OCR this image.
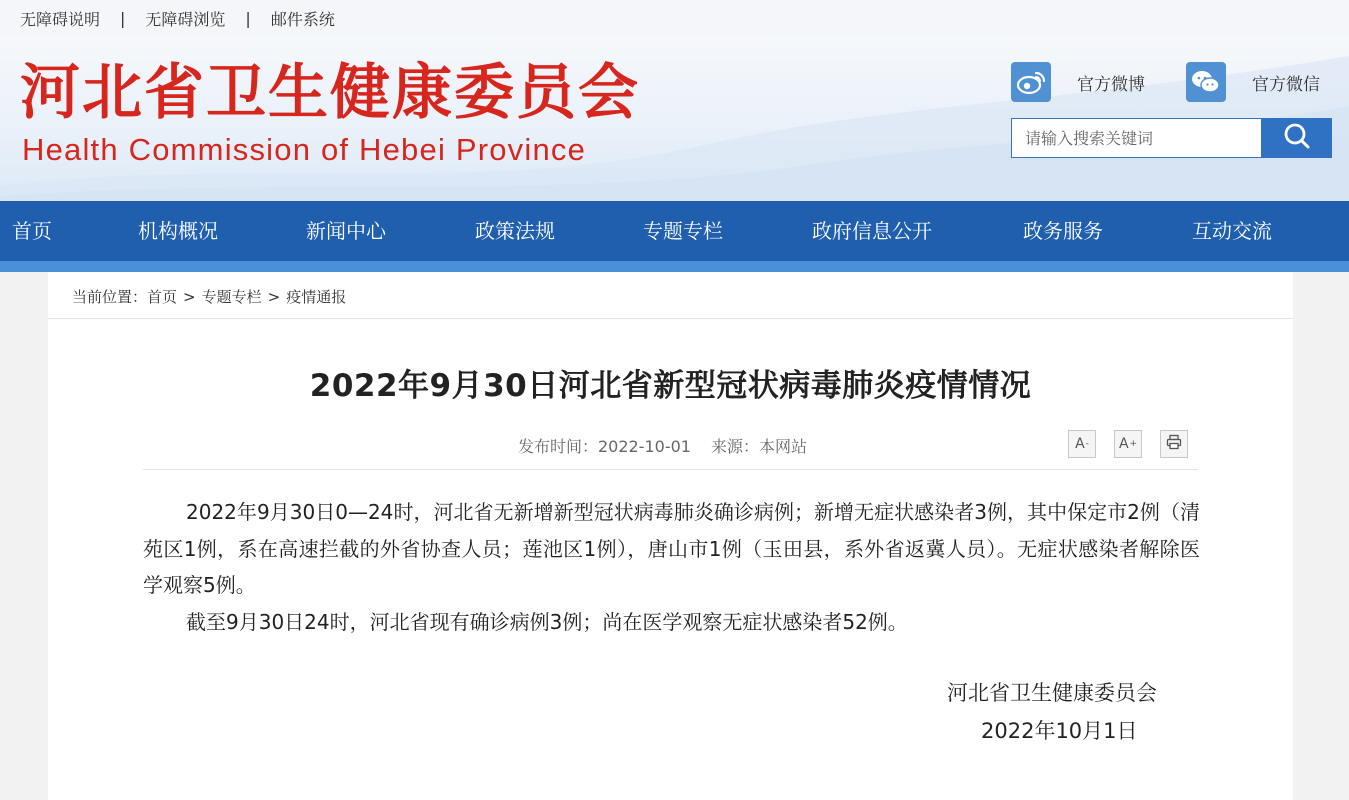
无障碍说明 | 无障碍浏览 | 邮件系统
河北省卫生健康委员会
Health Commission of Hebei Province
官方微博	官方微信
请输入搜索关键词
首页	机构概况	新闻中心	政策法规	专题专栏	政府信息公开	政务服务	互动交流
当前位置：首页 > 专题专栏 > 疫情通报
2022年9月30日河北省新型冠状病毒肺炎疫情情况
发布时间：2022-10-01 来源：本网站	A - A +

2022年9月30日0—24时，河北省无新增新型冠状病毒肺炎确诊病例；新增无症状感染者3例，其中保定市2例（清苑区1例，系在高速拦截的外省协查人员；莲池区1例），唐山市1例（玉田县，系外省返冀人员）。无症状感染者解除医学观察5例。

截至9月30日24时，河北省现有确诊病例3例；尚在医学观察无症状感染者52例。

河北省卫生健康委员会
2022年10月1日
